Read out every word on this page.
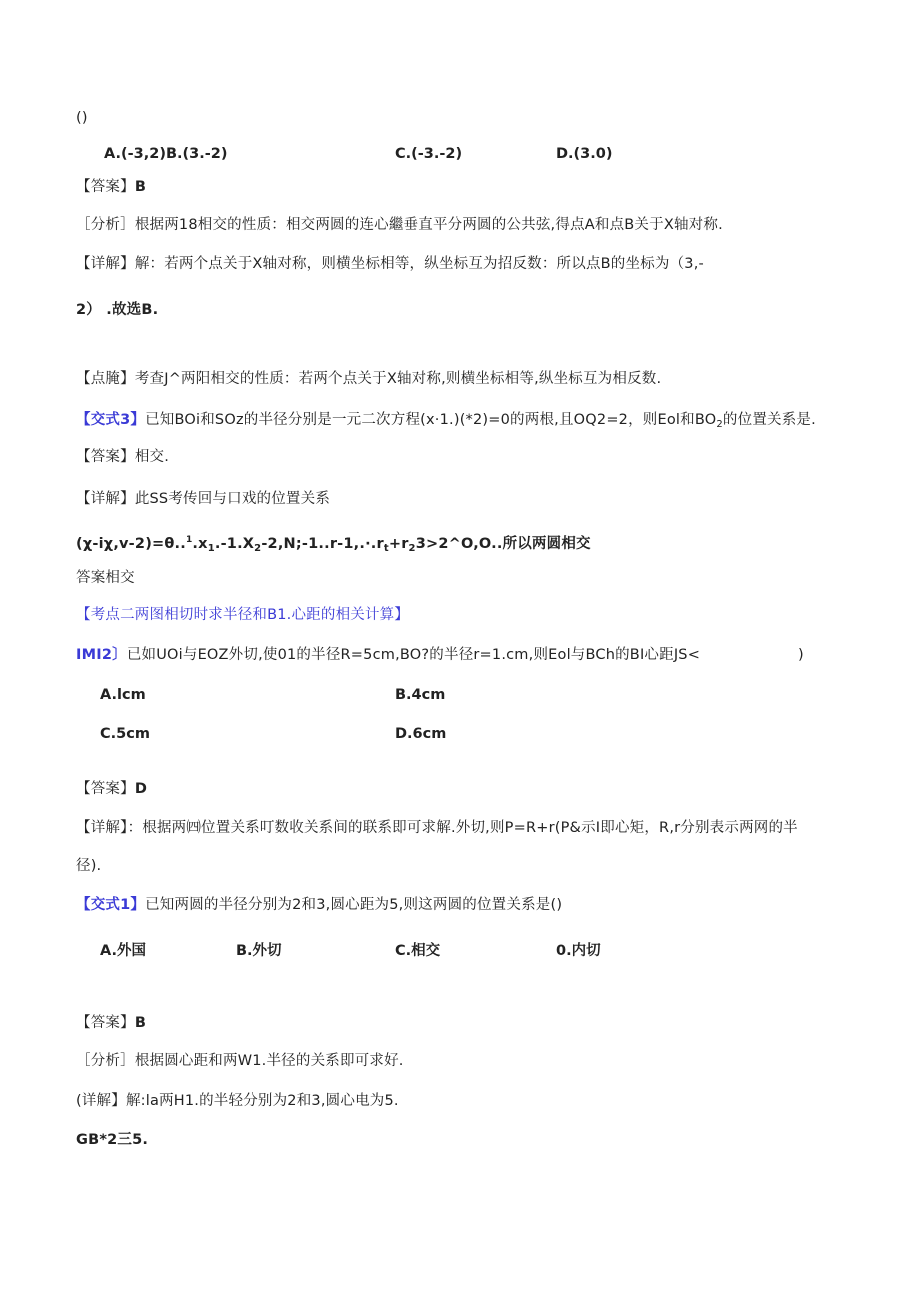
()
A.(-3,2)B.(3.-2)	C.(-3.-2)	D.(3.0)
【答案】B
［分析］根据两18相交的性质：相交两圆的连心繼垂直平分两圆的公共弦,得点A和点B关于X轴对称.
【详解】解：若两个点关于X轴对称，则横坐标相等，纵坐标互为招反数：所以点B的坐标为（3,-
2） .故选B.
【点腌】考查J^两阳相交的性质：若两个点关于X轴对称,则横坐标相等,纵坐标互为相反数.
【交式3】已知BOi和SOz的半径分别是一元二次方程(x·1.)(*2)=0的两根,且OQ2=2，则Eol和$BO_2$的位置关系是.
【答案】相交.
【详解】此SS考传回与口戏的位置关系
$(\chi-i\chi,v-2)=\theta..^1.x_1.-1.X_2-2,N;-1..r-1,.\cdot.r_t+r_23>2\^{}O,O$..所以两圆相交
答案相交
【考点二两图相切时求半径和B1.心距的相关计算】
IMI2〕已如UOi与EOZ外切,使01的半径R=5cm,BO?的半径r=1.cm,则Eol与BCh的BI心距JS<	)
A.lcm	B.4cm
C.5cm	D.6cm
【答案】D
【详解】：根据两㈣位置关系叮数收关系间的联系即可求解.外切,则P=R+r(P&示I即心矩，R,r分别表示两网的半
径).
【交式1】已知两圆的半径分别为2和3,圆心距为5,则这两圆的位置关系是()
A.外国	B.外切	C.相交	0.内切
【答案】B
［分析］根据圆心距和两W1.半径的关系即可求好.
(详解】解:la两H1.的半轻分别为2和3,圆心电为5.
GB*2三5.
